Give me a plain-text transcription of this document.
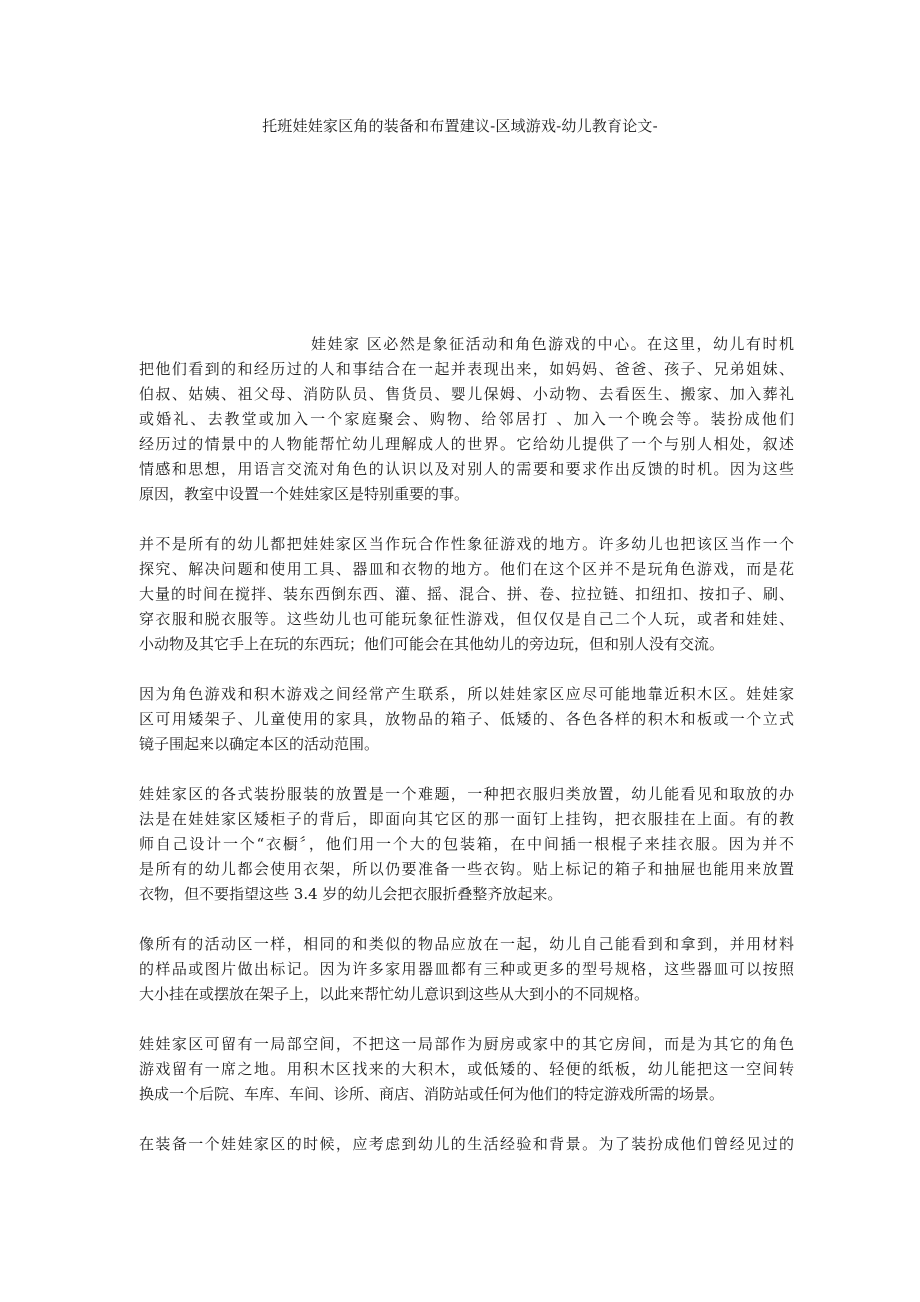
托班娃娃家区角的装备和布置建议-区域游戏-幼儿教育论文-
娃娃家 区必然是象征活动和角色游戏的中心。在这里，幼儿有时机
把他们看到的和经历过的人和事结合在一起并表现出来，如妈妈、爸爸、孩子、兄弟姐妹、
伯叔、姑姨、祖父母、消防队员、售货员、婴儿保姆、小动物、去看医生、搬家、加入葬礼
或婚礼、去教堂或加入一个家庭聚会、购物、给邻居打 、加入一个晚会等。装扮成他们
经历过的情景中的人物能帮忙幼儿理解成人的世界。它给幼儿提供了一个与别人相处，叙述
情感和思想，用语言交流对角色的认识以及对别人的需要和要求作出反馈的时机。因为这些
原因，教室中设置一个娃娃家区是特别重要的事。
并不是所有的幼儿都把娃娃家区当作玩合作性象征游戏的地方。许多幼儿也把该区当作一个
探究、解决问题和使用工具、器皿和衣物的地方。他们在这个区并不是玩角色游戏，而是花
大量的时间在搅拌、装东西倒东西、灌、摇、混合、拼、卷、拉拉链、扣纽扣、按扣子、刷、
穿衣服和脱衣服等。这些幼儿也可能玩象征性游戏，但仅仅是自己二个人玩，或者和娃娃、
小动物及其它手上在玩的东西玩；他们可能会在其他幼儿的旁边玩，但和别人没有交流。
因为角色游戏和积木游戏之间经常产生联系，所以娃娃家区应尽可能地靠近积木区。娃娃家
区可用矮架子、儿童使用的家具，放物品的箱子、低矮的、各色各样的积木和板或一个立式
镜子围起来以确定本区的活动范围。
娃娃家区的各式装扮服装的放置是一个难题，一种把衣服归类放置，幼儿能看见和取放的办
法是在娃娃家区矮柜子的背后，即面向其它区的那一面钉上挂钩，把衣服挂在上面。有的教
师自己设计一个“衣橱〞，他们用一个大的包装箱，在中间插一根棍子来挂衣服。因为并不
是所有的幼儿都会使用衣架，所以仍要准备一些衣钩。贴上标记的箱子和抽屉也能用来放置
衣物，但不要指望这些 3.4 岁的幼儿会把衣服折叠整齐放起来。
像所有的活动区一样，相同的和类似的物品应放在一起，幼儿自己能看到和拿到，并用材料
的样品或图片做出标记。因为许多家用器皿都有三种或更多的型号规格，这些器皿可以按照
大小挂在或摆放在架子上，以此来帮忙幼儿意识到这些从大到小的不同规格。
娃娃家区可留有一局部空间，不把这一局部作为厨房或家中的其它房间，而是为其它的角色
游戏留有一席之地。用积木区找来的大积木，或低矮的、轻便的纸板，幼儿能把这一空间转
换成一个后院、车库、车间、诊所、商店、消防站或任何为他们的特定游戏所需的场景。
在装备一个娃娃家区的时候，应考虑到幼儿的生活经验和背景。为了装扮成他们曾经见过的
